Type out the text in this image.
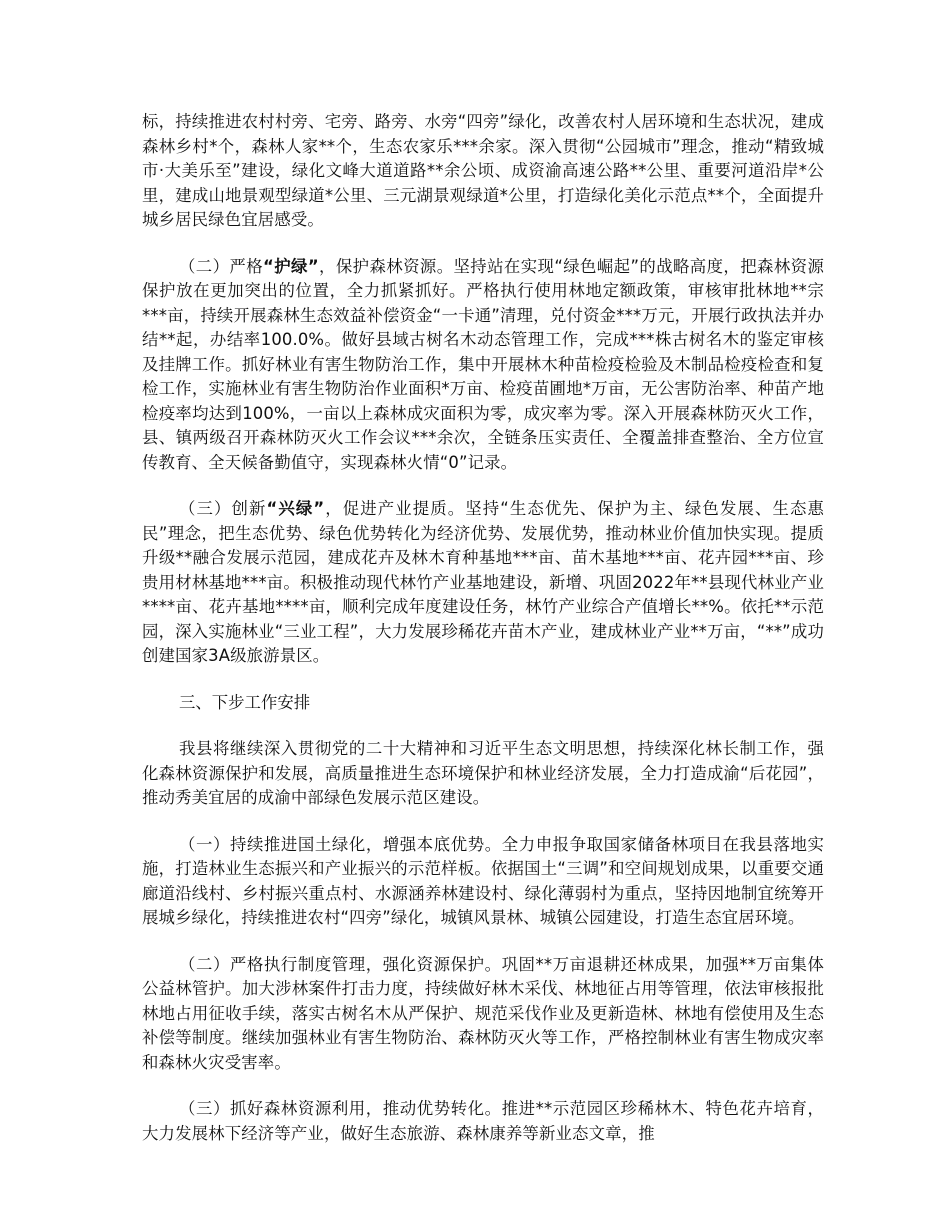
标，持续推进农村村旁、宅旁、路旁、水旁“四旁”绿化，改善农村人居环境和生态状况，建成森林乡村*个，森林人家**个，生态农家乐***余家。深入贯彻“公园城市”理念，推动“精致城市·大美乐至”建设，绿化文峰大道道路**余公顷、成资渝高速公路**公里、重要河道沿岸*公里，建成山地景观型绿道*公里、三元湖景观绿道*公里，打造绿化美化示范点**个，全面提升城乡居民绿色宜居感受。

（二）严格“护绿”，保护森林资源。坚持站在实现“绿色崛起”的战略高度，把森林资源保护放在更加突出的位置，全力抓紧抓好。严格执行使用林地定额政策，审核审批林地**宗***亩，持续开展森林生态效益补偿资金“一卡通”清理，兑付资金***万元，开展行政执法并办结**起，办结率100.0%。做好县域古树名木动态管理工作，完成***株古树名木的鉴定审核及挂牌工作。抓好林业有害生物防治工作，集中开展林木种苗检疫检验及木制品检疫检查和复检工作，实施林业有害生物防治作业面积*万亩、检疫苗圃地*万亩，无公害防治率、种苗产地检疫率均达到100%，一亩以上森林成灾面积为零，成灾率为零。深入开展森林防灭火工作，县、镇两级召开森林防灭火工作会议***余次，全链条压实责任、全覆盖排查整治、全方位宣传教育、全天候备勤值守，实现森林火情“0”记录。

（三）创新“兴绿”，促进产业提质。坚持“生态优先、保护为主、绿色发展、生态惠民”理念，把生态优势、绿色优势转化为经济优势、发展优势，推动林业价值加快实现。提质升级**融合发展示范园，建成花卉及林木育种基地***亩、苗木基地***亩、花卉园***亩、珍贵用材林基地***亩。积极推动现代林竹产业基地建设，新增、巩固2022年**县现代林业产业****亩、花卉基地****亩，顺利完成年度建设任务，林竹产业综合产值增长**%。依托**示范园，深入实施林业“三业工程”，大力发展珍稀花卉苗木产业，建成林业产业**万亩，“**”成功创建国家3A级旅游景区。

三、下步工作安排

我县将继续深入贯彻党的二十大精神和习近平生态文明思想，持续深化林长制工作，强化森林资源保护和发展，高质量推进生态环境保护和林业经济发展，全力打造成渝“后花园”，推动秀美宜居的成渝中部绿色发展示范区建设。

（一）持续推进国土绿化，增强本底优势。全力申报争取国家储备林项目在我县落地实施，打造林业生态振兴和产业振兴的示范样板。依据国土“三调”和空间规划成果，以重要交通廊道沿线村、乡村振兴重点村、水源涵养林建设村、绿化薄弱村为重点，坚持因地制宜统筹开展城乡绿化，持续推进农村“四旁”绿化，城镇风景林、城镇公园建设，打造生态宜居环境。

（二）严格执行制度管理，强化资源保护。巩固**万亩退耕还林成果，加强**万亩集体公益林管护。加大涉林案件打击力度，持续做好林木采伐、林地征占用等管理，依法审核报批林地占用征收手续，落实古树名木从严保护、规范采伐作业及更新造林、林地有偿使用及生态补偿等制度。继续加强林业有害生物防治、森林防灭火等工作，严格控制林业有害生物成灾率和森林火灾受害率。

（三）抓好森林资源利用，推动优势转化。推进**示范园区珍稀林木、特色花卉培育，大力发展林下经济等产业，做好生态旅游、森林康养等新业态文章，推
